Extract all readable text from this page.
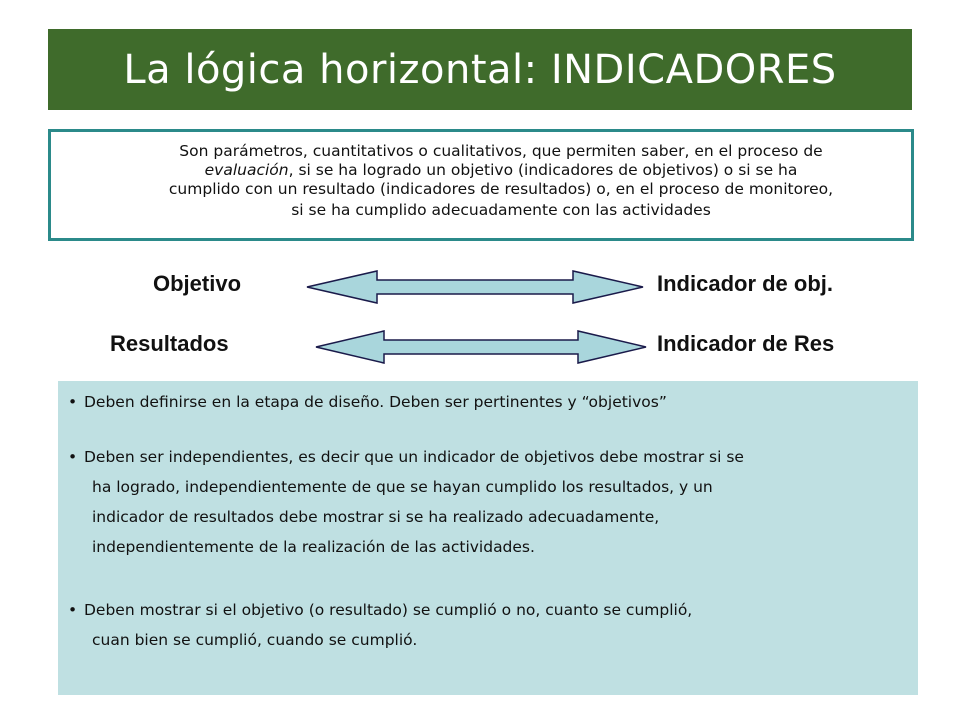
La lógica horizontal: INDICADORES
Son parámetros, cuantitativos o cualitativos, que permiten saber, en el proceso de
evaluación, si se ha logrado un objetivo (indicadores de objetivos) o si se ha
cumplido con un resultado (indicadores de resultados) o, en el proceso de monitoreo,
si se ha cumplido adecuadamente con las actividades
Objetivo	Indicador de obj.
Resultados	Indicador de Res
• Deben definirse en la etapa de diseño. Deben ser pertinentes y “objetivos”
• Deben ser independientes, es decir que un indicador de objetivos debe mostrar si se
ha logrado, independientemente de que se hayan cumplido los resultados, y un
indicador de resultados debe mostrar si se ha realizado adecuadamente,
independientemente de la realización de las actividades.
• Deben mostrar si el objetivo (o resultado) se cumplió o no, cuanto se cumplió,
cuan bien se cumplió, cuando se cumplió.
